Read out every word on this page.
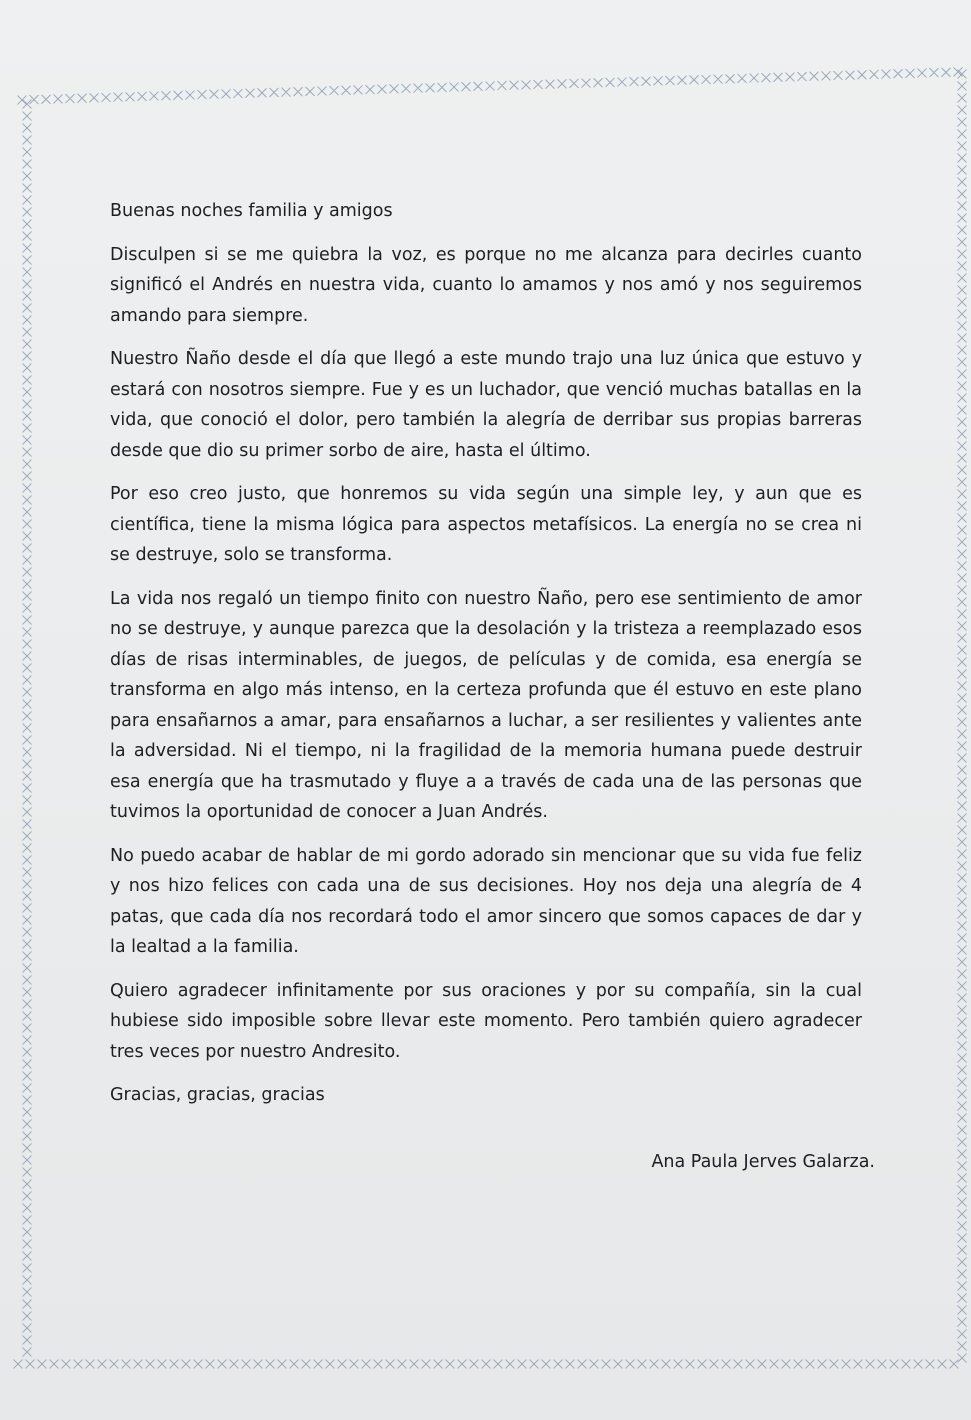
Buenas noches familia y amigos

Disculpen si se me quiebra la voz, es porque no me alcanza para decirles cuanto significó el Andrés en nuestra vida, cuanto lo amamos y nos amó y nos seguiremos amando para siempre.

Nuestro Ñaño desde el día que llegó a este mundo trajo una luz única que estuvo y estará con nosotros siempre. Fue y es un luchador, que venció muchas batallas en la vida, que conoció el dolor, pero también la alegría de derribar sus propias barreras desde que dio su primer sorbo de aire, hasta el último.

Por eso creo justo, que honremos su vida según una simple ley, y aun que es científica, tiene la misma lógica para aspectos metafísicos. La energía no se crea ni se destruye, solo se transforma.

La vida nos regaló un tiempo finito con nuestro Ñaño, pero ese sentimiento de amor no se destruye, y aunque parezca que la desolación y la tristeza a reemplazado esos días de risas interminables, de juegos, de películas y de comida, esa energía se transforma en algo más intenso, en la certeza profunda que él estuvo en este plano para ensañarnos a amar, para ensañarnos a luchar, a ser resilientes y valientes ante la adversidad. Ni el tiempo, ni la fragilidad de la memoria humana puede destruir esa energía que ha trasmutado y fluye a a través de cada una de las personas que tuvimos la oportunidad de conocer a Juan Andrés.

No puedo acabar de hablar de mi gordo adorado sin mencionar que su vida fue feliz y nos hizo felices con cada una de sus decisiones. Hoy nos deja una alegría de 4 patas, que cada día nos recordará todo el amor sincero que somos capaces de dar y la lealtad a la familia.

Quiero agradecer infinitamente por sus oraciones y por su compañía, sin la cual hubiese sido imposible sobre llevar este momento. Pero también quiero agradecer tres veces por nuestro Andresito.

Gracias, gracias, gracias

Ana Paula Jerves Galarza.
